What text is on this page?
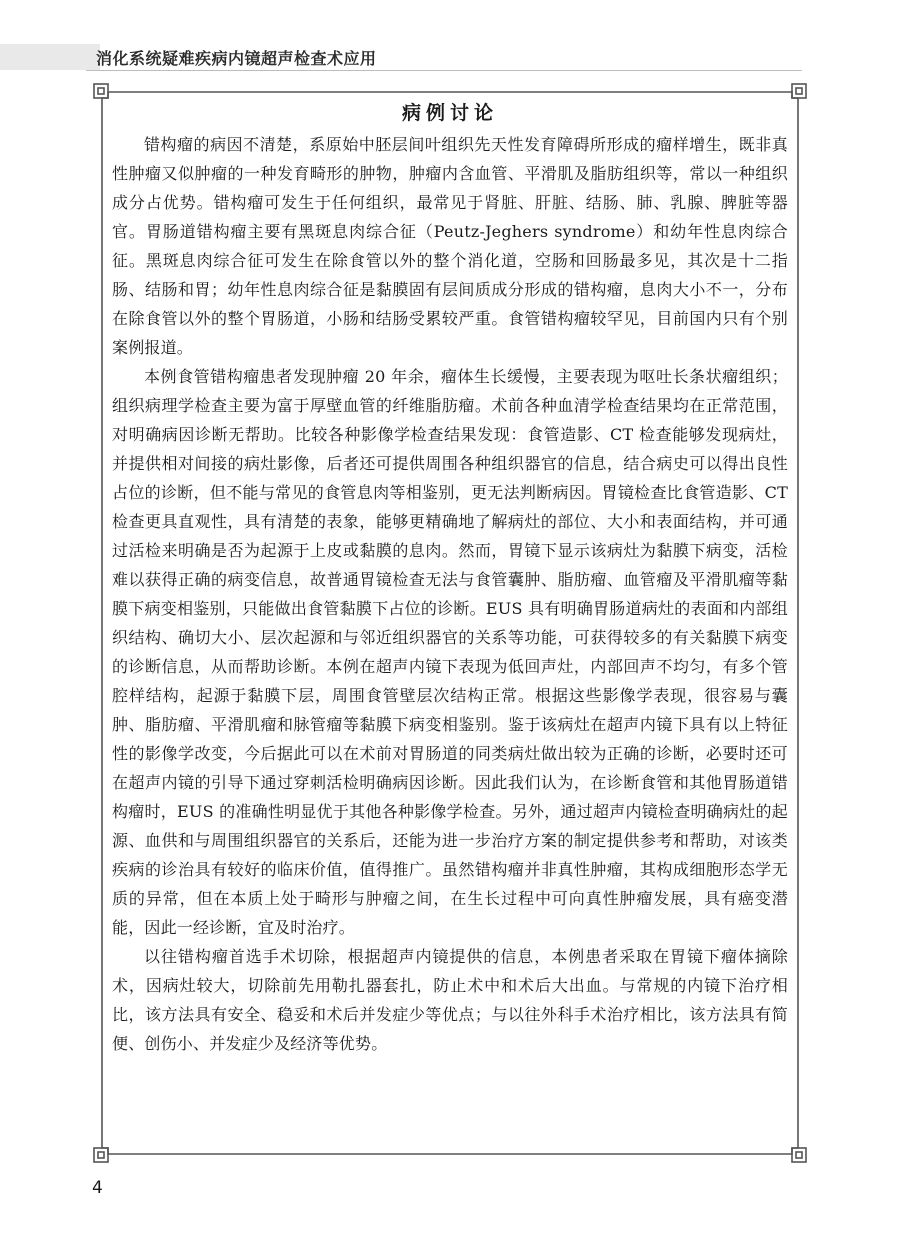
消化系统疑难疾病内镜超声检查术应用
病例讨论

错构瘤的病因不清楚，系原始中胚层间叶组织先天性发育障碍所形成的瘤样增生，既非真性肿瘤又似肿瘤的一种发育畸形的肿物，肿瘤内含血管、平滑肌及脂肪组织等，常以一种组织成分占优势。错构瘤可发生于任何组织，最常见于肾脏、肝脏、结肠、肺、乳腺、脾脏等器官。胃肠道错构瘤主要有黑斑息肉综合征（Peutz-Jeghers syndrome）和幼年性息肉综合征。黑斑息肉综合征可发生在除食管以外的整个消化道，空肠和回肠最多见，其次是十二指肠、结肠和胃；幼年性息肉综合征是黏膜固有层间质成分形成的错构瘤，息肉大小不一，分布在除食管以外的整个胃肠道，小肠和结肠受累较严重。食管错构瘤较罕见，目前国内只有个别案例报道。

本例食管错构瘤患者发现肿瘤 20 年余，瘤体生长缓慢，主要表现为呕吐长条状瘤组织；组织病理学检查主要为富于厚壁血管的纤维脂肪瘤。术前各种血清学检查结果均在正常范围，对明确病因诊断无帮助。比较各种影像学检查结果发现：食管造影、CT 检查能够发现病灶，并提供相对间接的病灶影像，后者还可提供周围各种组织器官的信息，结合病史可以得出良性占位的诊断，但不能与常见的食管息肉等相鉴别，更无法判断病因。胃镜检查比食管造影、CT 检查更具直观性，具有清楚的表象，能够更精确地了解病灶的部位、大小和表面结构，并可通过活检来明确是否为起源于上皮或黏膜的息肉。然而，胃镜下显示该病灶为黏膜下病变，活检难以获得正确的病变信息，故普通胃镜检查无法与食管囊肿、脂肪瘤、血管瘤及平滑肌瘤等黏膜下病变相鉴别，只能做出食管黏膜下占位的诊断。EUS 具有明确胃肠道病灶的表面和内部组织结构、确切大小、层次起源和与邻近组织器官的关系等功能，可获得较多的有关黏膜下病变的诊断信息，从而帮助诊断。本例在超声内镜下表现为低回声灶，内部回声不均匀，有多个管腔样结构，起源于黏膜下层，周围食管壁层次结构正常。根据这些影像学表现，很容易与囊肿、脂肪瘤、平滑肌瘤和脉管瘤等黏膜下病变相鉴别。鉴于该病灶在超声内镜下具有以上特征性的影像学改变，今后据此可以在术前对胃肠道的同类病灶做出较为正确的诊断，必要时还可在超声内镜的引导下通过穿刺活检明确病因诊断。因此我们认为，在诊断食管和其他胃肠道错构瘤时，EUS 的准确性明显优于其他各种影像学检查。另外，通过超声内镜检查明确病灶的起源、血供和与周围组织器官的关系后，还能为进一步治疗方案的制定提供参考和帮助，对该类疾病的诊治具有较好的临床价值，值得推广。虽然错构瘤并非真性肿瘤，其构成细胞形态学无质的异常，但在本质上处于畸形与肿瘤之间，在生长过程中可向真性肿瘤发展，具有癌变潜能，因此一经诊断，宜及时治疗。

以往错构瘤首选手术切除，根据超声内镜提供的信息，本例患者采取在胃镜下瘤体摘除术，因病灶较大，切除前先用勒扎器套扎，防止术中和术后大出血。与常规的内镜下治疗相比，该方法具有安全、稳妥和术后并发症少等优点；与以往外科手术治疗相比，该方法具有简便、创伤小、并发症少及经济等优势。

4
